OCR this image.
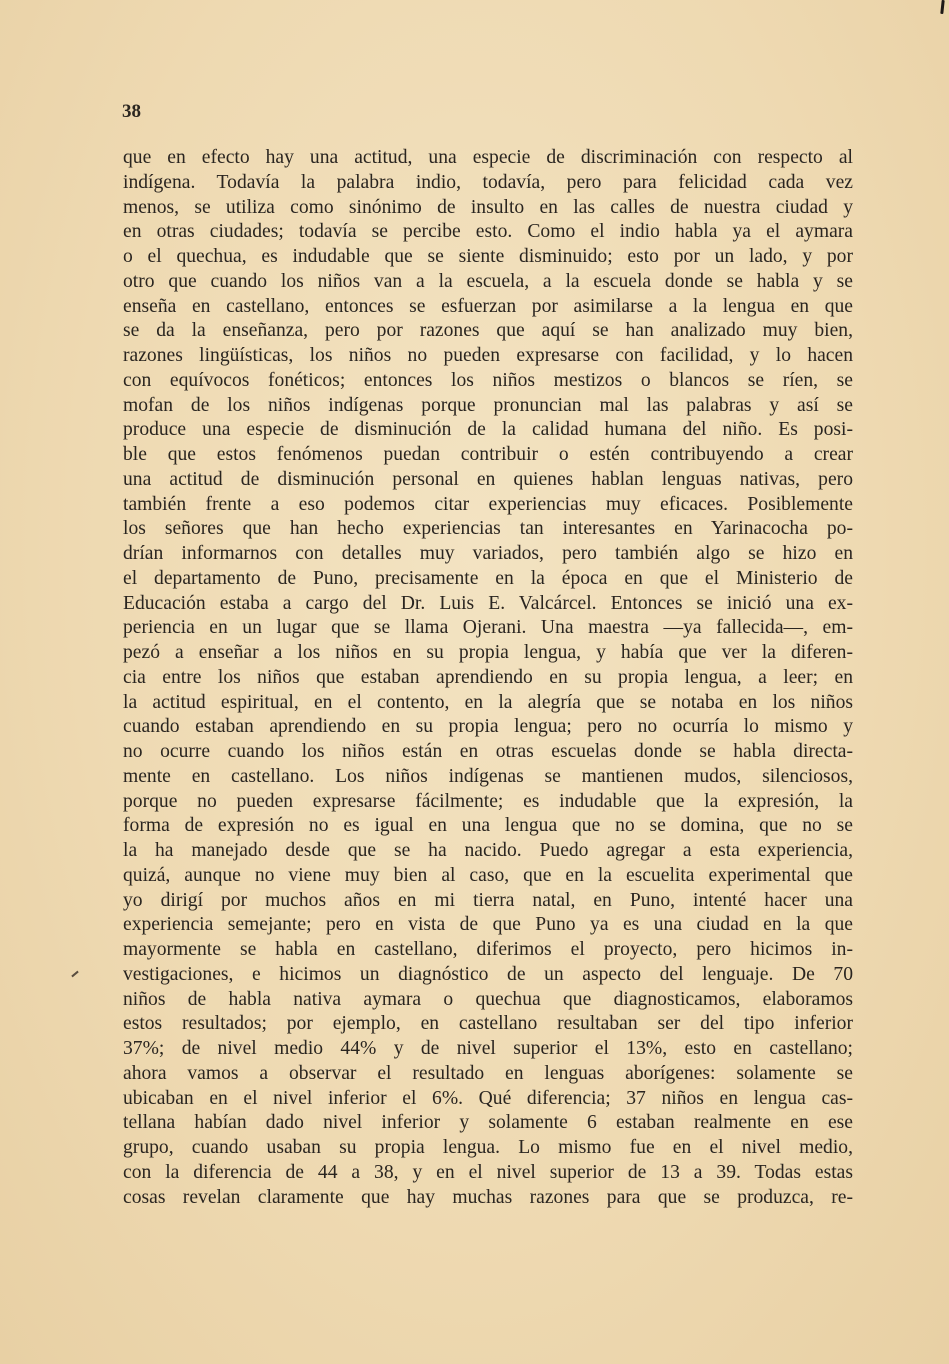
38
que en efecto hay una actitud, una especie de discriminación con respecto al
indígena. Todavía la palabra indio, todavía, pero para felicidad cada vez
menos, se utiliza como sinónimo de insulto en las calles de nuestra ciudad y
en otras ciudades; todavía se percibe esto. Como el indio habla ya el aymara
o el quechua, es indudable que se siente disminuido; esto por un lado, y por
otro que cuando los niños van a la escuela, a la escuela donde se habla y se
enseña en castellano, entonces se esfuerzan por asimilarse a la lengua en que
se da la enseñanza, pero por razones que aquí se han analizado muy bien,
razones lingüísticas, los niños no pueden expresarse con facilidad, y lo hacen
con equívocos fonéticos; entonces los niños mestizos o blancos se ríen, se
mofan de los niños indígenas porque pronuncian mal las palabras y así se
produce una especie de disminución de la calidad humana del niño. Es posi-
ble que estos fenómenos puedan contribuir o estén contribuyendo a crear
una actitud de disminución personal en quienes hablan lenguas nativas, pero
también frente a eso podemos citar experiencias muy eficaces. Posiblemente
los señores que han hecho experiencias tan interesantes en Yarinacocha po-
drían informarnos con detalles muy variados, pero también algo se hizo en
el departamento de Puno, precisamente en la época en que el Ministerio de
Educación estaba a cargo del Dr. Luis E. Valcárcel. Entonces se inició una ex-
periencia en un lugar que se llama Ojerani. Una maestra —ya fallecida—, em-
pezó a enseñar a los niños en su propia lengua, y había que ver la diferen-
cia entre los niños que estaban aprendiendo en su propia lengua, a leer; en
la actitud espiritual, en el contento, en la alegría que se notaba en los niños
cuando estaban aprendiendo en su propia lengua; pero no ocurría lo mismo y
no ocurre cuando los niños están en otras escuelas donde se habla directa-
mente en castellano. Los niños indígenas se mantienen mudos, silenciosos,
porque no pueden expresarse fácilmente; es indudable que la expresión, la
forma de expresión no es igual en una lengua que no se domina, que no se
la ha manejado desde que se ha nacido. Puedo agregar a esta experiencia,
quizá, aunque no viene muy bien al caso, que en la escuelita experimental que
yo dirigí por muchos años en mi tierra natal, en Puno, intenté hacer una
experiencia semejante; pero en vista de que Puno ya es una ciudad en la que
mayormente se habla en castellano, diferimos el proyecto, pero hicimos in-
vestigaciones, e hicimos un diagnóstico de un aspecto del lenguaje. De 70
niños de habla nativa aymara o quechua que diagnosticamos, elaboramos
estos resultados; por ejemplo, en castellano resultaban ser del tipo inferior
37%; de nivel medio 44% y de nivel superior el 13%, esto en castellano;
ahora vamos a observar el resultado en lenguas aborígenes: solamente se
ubicaban en el nivel inferior el 6%. Qué diferencia; 37 niños en lengua cas-
tellana habían dado nivel inferior y solamente 6 estaban realmente en ese
grupo, cuando usaban su propia lengua. Lo mismo fue en el nivel medio,
con la diferencia de 44 a 38, y en el nivel superior de 13 a 39. Todas estas
cosas revelan claramente que hay muchas razones para que se produzca, re-
